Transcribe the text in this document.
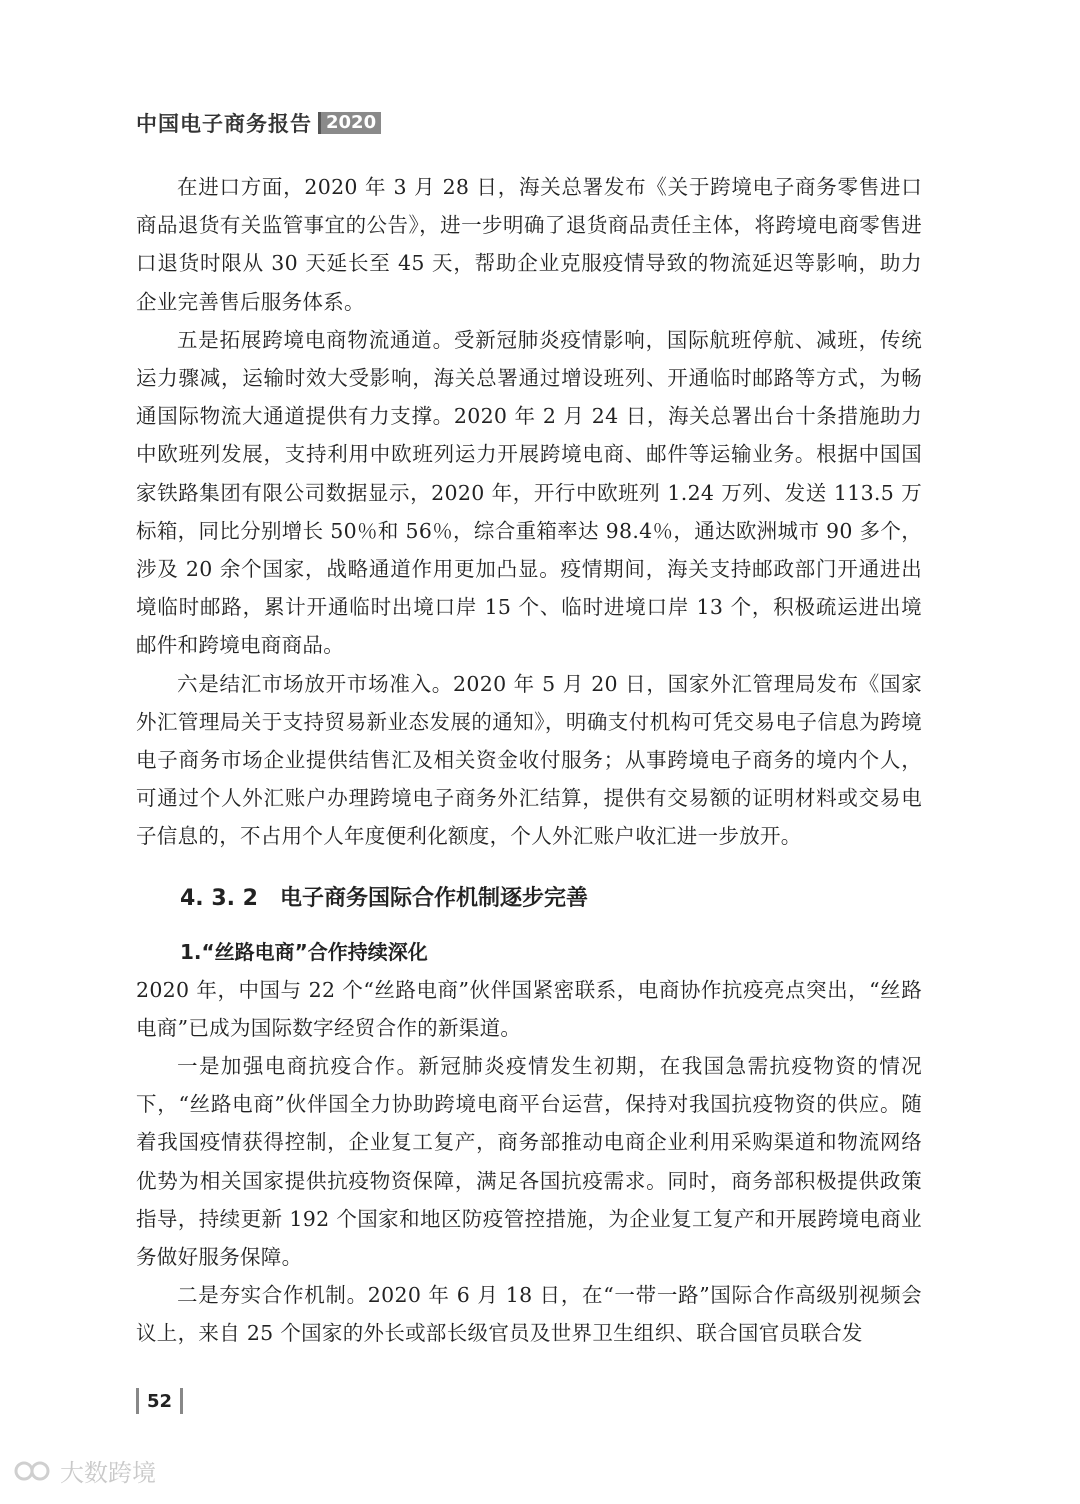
中国电子商务报告 2020

在进口方面，2020 年 3 月 28 日，海关总署发布《关于跨境电子商务零售进口商品退货有关监管事宜的公告》，进一步明确了退货商品责任主体，将跨境电商零售进口退货时限从 30 天延长至 45 天，帮助企业克服疫情导致的物流延迟等影响，助力企业完善售后服务体系。

五是拓展跨境电商物流通道。受新冠肺炎疫情影响，国际航班停航、减班，传统运力骤减，运输时效大受影响，海关总署通过增设班列、开通临时邮路等方式，为畅通国际物流大通道提供有力支撑。2020 年 2 月 24 日，海关总署出台十条措施助力中欧班列发展，支持利用中欧班列运力开展跨境电商、邮件等运输业务。根据中国国家铁路集团有限公司数据显示，2020 年，开行中欧班列 1.24 万列、发送 113.5 万标箱，同比分别增长 50％和 56％，综合重箱率达 98.4％，通达欧洲城市 90 多个，涉及 20 余个国家，战略通道作用更加凸显。疫情期间，海关支持邮政部门开通进出境临时邮路，累计开通临时出境口岸 15 个、临时进境口岸 13 个，积极疏运进出境邮件和跨境电商商品。

六是结汇市场放开市场准入。2020 年 5 月 20 日，国家外汇管理局发布《国家外汇管理局关于支持贸易新业态发展的通知》，明确支付机构可凭交易电子信息为跨境电子商务市场企业提供结售汇及相关资金收付服务；从事跨境电子商务的境内个人，可通过个人外汇账户办理跨境电子商务外汇结算，提供有交易额的证明材料或交易电子信息的，不占用个人年度便利化额度，个人外汇账户收汇进一步放开。

4. 3. 2 电子商务国际合作机制逐步完善
1.“丝路电商”合作持续深化

2020 年，中国与 22 个“丝路电商”伙伴国紧密联系，电商协作抗疫亮点突出，“丝路电商”已成为国际数字经贸合作的新渠道。

一是加强电商抗疫合作。新冠肺炎疫情发生初期，在我国急需抗疫物资的情况下，“丝路电商”伙伴国全力协助跨境电商平台运营，保持对我国抗疫物资的供应。随着我国疫情获得控制，企业复工复产，商务部推动电商企业利用采购渠道和物流网络优势为相关国家提供抗疫物资保障，满足各国抗疫需求。同时，商务部积极提供政策指导，持续更新 192 个国家和地区防疫管控措施，为企业复工复产和开展跨境电商业务做好服务保障。

二是夯实合作机制。2020 年 6 月 18 日，在“一带一路”国际合作高级别视频会议上，来自 25 个国家的外长或部长级官员及世界卫生组织、联合国官员联合发

52
大数跨境
